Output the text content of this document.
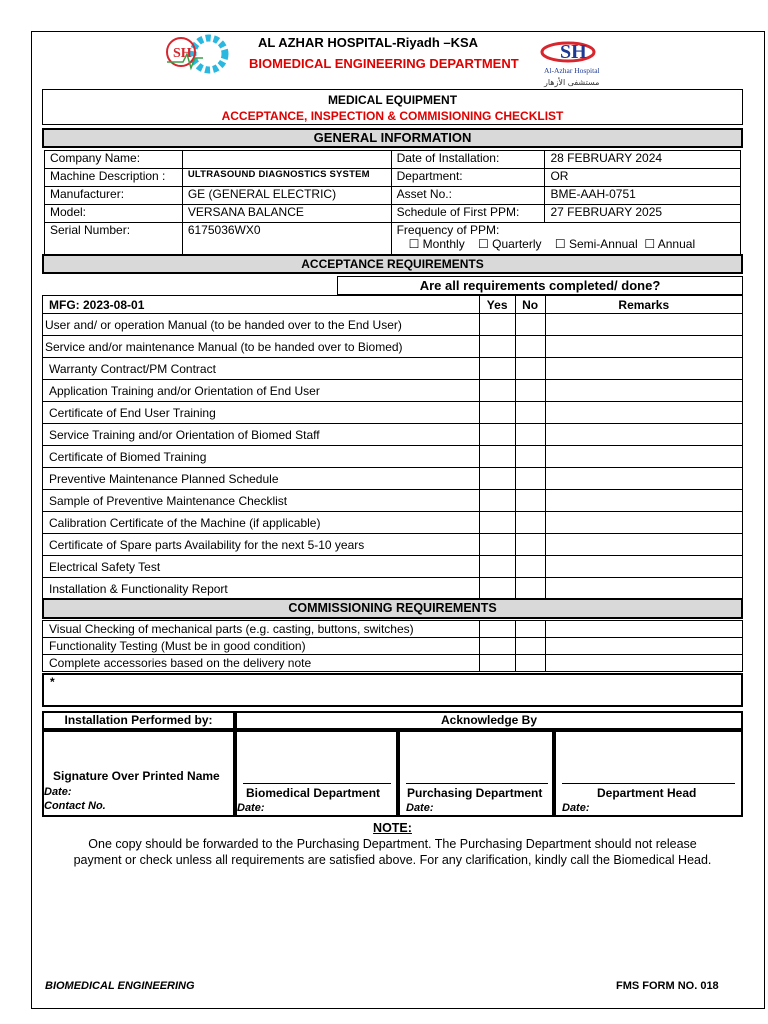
SH
AL AZHAR HOSPITAL-Riyadh –KSA
BIOMEDICAL ENGINEERING DEPARTMENT
SH
Al-Azhar Hospital
مستشفى الأزهار
MEDICAL EQUIPMENT
ACCEPTANCE, INSPECTION & COMMISIONING CHECKLIST
GENERAL INFORMATION
Company Name:		Date of Installation:	28 FEBRUARY 2024
Machine Description :	ULTRASOUND DIAGNOSTICS SYSTEM	Department:	OR
Manufacturer:	GE (GENERAL ELECTRIC)	Asset No.:	BME-AAH-0751
Model:	VERSANA BALANCE	Schedule of First PPM:	27 FEBRUARY 2025
Serial Number:	6175036WX0	Frequency of PPM:
☐ Monthly ☐ Quarterly ☐ Semi-Annual ☐ Annual	
ACCEPTANCE REQUIREMENTS
Are all requirements completed/ done?
MFG: 2023-08-01	Yes	No	Remarks
User and/ or operation Manual (to be handed over to the End User)			
Service and/or maintenance Manual (to be handed over to Biomed)			
Warranty Contract/PM Contract			
Application Training and/or Orientation of End User			
Certificate of End User Training			
Service Training and/or Orientation of Biomed Staff			
Certificate of Biomed Training			
Preventive Maintenance Planned Schedule			
Sample of Preventive Maintenance Checklist			
Calibration Certificate of the Machine (if applicable)			
Certificate of Spare parts Availability for the next 5-10 years			
Electrical Safety Test			
Installation & Functionality Report			
COMMISSIONING REQUIREMENTS
Visual Checking of mechanical parts (e.g. casting, buttons, switches)			
Functionality Testing (Must be in good condition)			
Complete accessories based on the delivery note			
*
Installation Performed by:	Acknowledge By
Signature Over Printed Name
Date:
Contact No.
Biomedical Department
Date:
Purchasing Department
Date:
Department Head
Date:
NOTE:
One copy should be forwarded to the Purchasing Department. The Purchasing Department should not release
payment or check unless all requirements are satisfied above. For any clarification, kindly call the Biomedical Head.
BIOMEDICAL ENGINEERING	FMS FORM NO. 018
